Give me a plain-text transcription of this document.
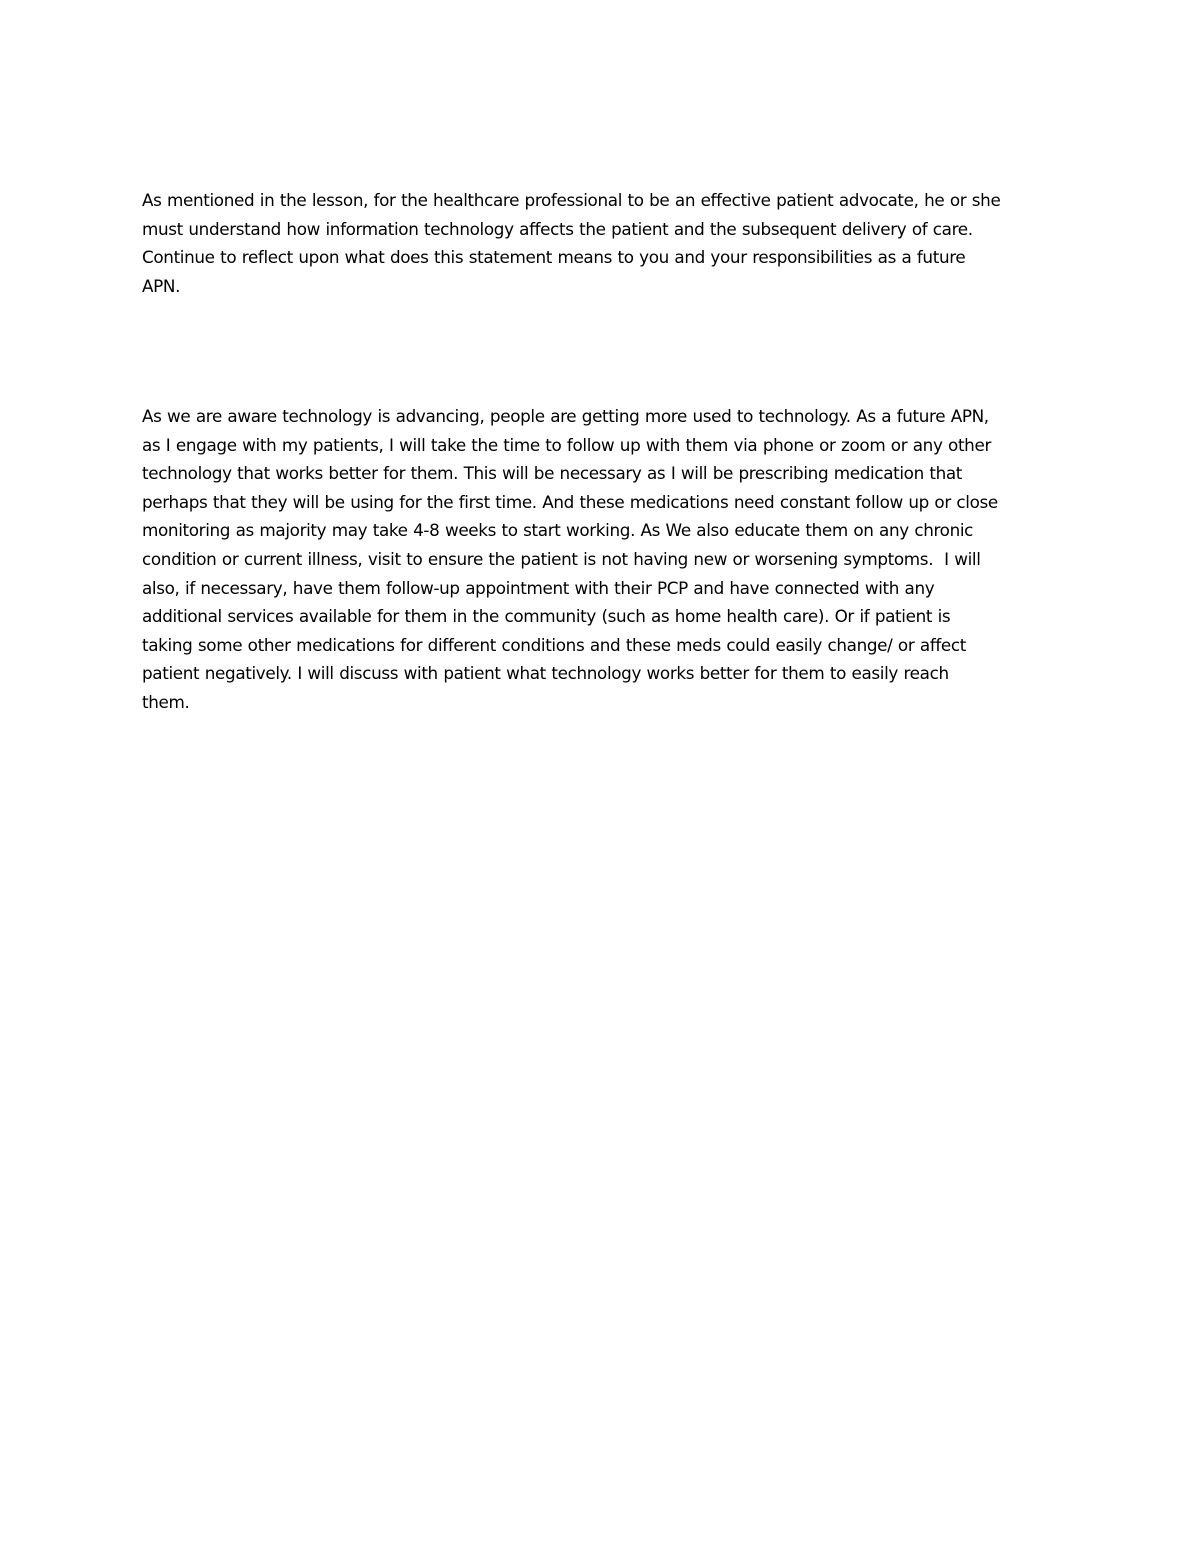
As mentioned in the lesson, for the healthcare professional to be an effective patient advocate, he or she
must understand how information technology affects the patient and the subsequent delivery of care.
Continue to reflect upon what does this statement means to you and your responsibilities as a future
APN.

As we are aware technology is advancing, people are getting more used to technology. As a future APN,
as I engage with my patients, I will take the time to follow up with them via phone or zoom or any other
technology that works better for them. This will be necessary as I will be prescribing medication that
perhaps that they will be using for the first time. And these medications need constant follow up or close
monitoring as majority may take 4-8 weeks to start working. As We also educate them on any chronic
condition or current illness, visit to ensure the patient is not having new or worsening symptoms.  I will
also, if necessary, have them follow-up appointment with their PCP and have connected with any
additional services available for them in the community (such as home health care). Or if patient is
taking some other medications for different conditions and these meds could easily change/ or affect
patient negatively. I will discuss with patient what technology works better for them to easily reach
them.
